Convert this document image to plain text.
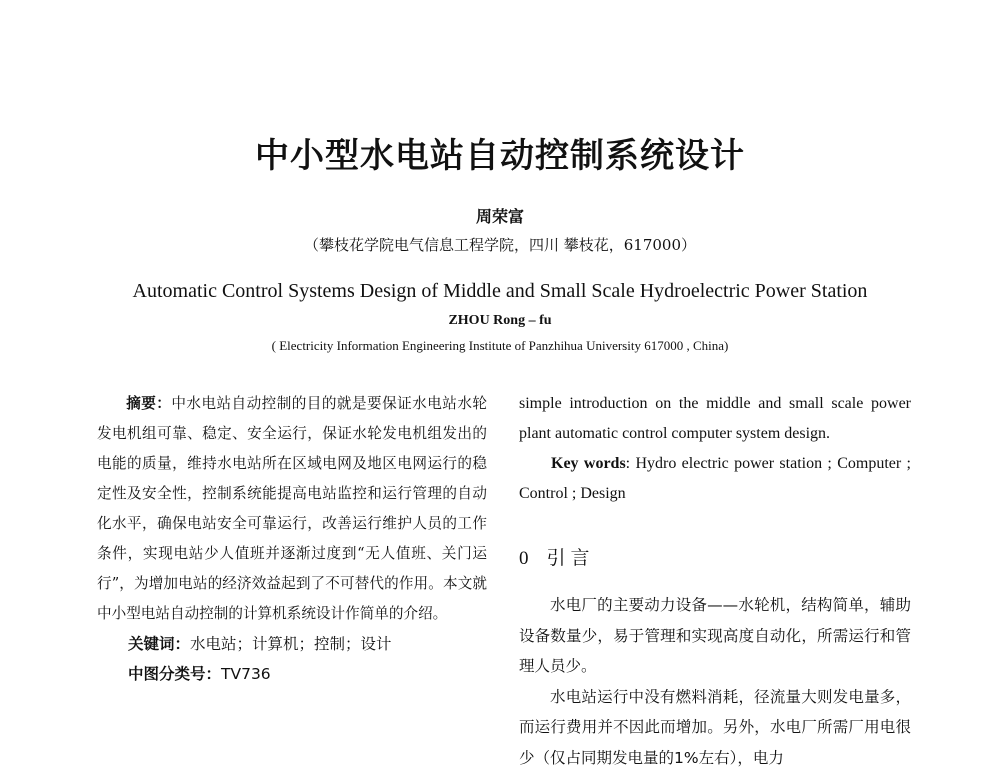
中小型水电站自动控制系统设计
周荣富
（攀枝花学院电气信息工程学院，四川 攀枝花，617000）
Automatic Control Systems Design of Middle and Small Scale Hydroelectric Power Station
ZHOU Rong – fu
( Electricity Information Engineering Institute of Panzhihua University 617000 , China)

摘要：中水电站自动控制的目的就是要保证水电站水轮发电机组可靠、稳定、安全运行，保证水轮发电机组发出的电能的质量，维持水电站所在区域电网及地区电网运行的稳定性及安全性，控制系统能提高电站监控和运行管理的自动化水平，确保电站安全可靠运行，改善运行维护人员的工作条件，实现电站少人值班并逐渐过度到“无人值班、关门运行”，为增加电站的经济效益起到了不可替代的作用。本文就中小型电站自动控制的计算机系统设计作简单的介绍。

关键词：水电站；计算机；控制；设计

中图分类号：TV736

simple introduction on the middle and small scale power plant automatic control computer system design.

Key words: Hydro electric power station ; Computer ; Control ; Design

0 引言

水电厂的主要动力设备——水轮机，结构简单，辅助设备数量少，易于管理和实现高度自动化，所需运行和管理人员少。

水电站运行中没有燃料消耗，径流量大则发电量多，而运行费用并不因此而增加。另外，水电厂所需厂用电很少（仅占同期发电量的1%左右），电力
